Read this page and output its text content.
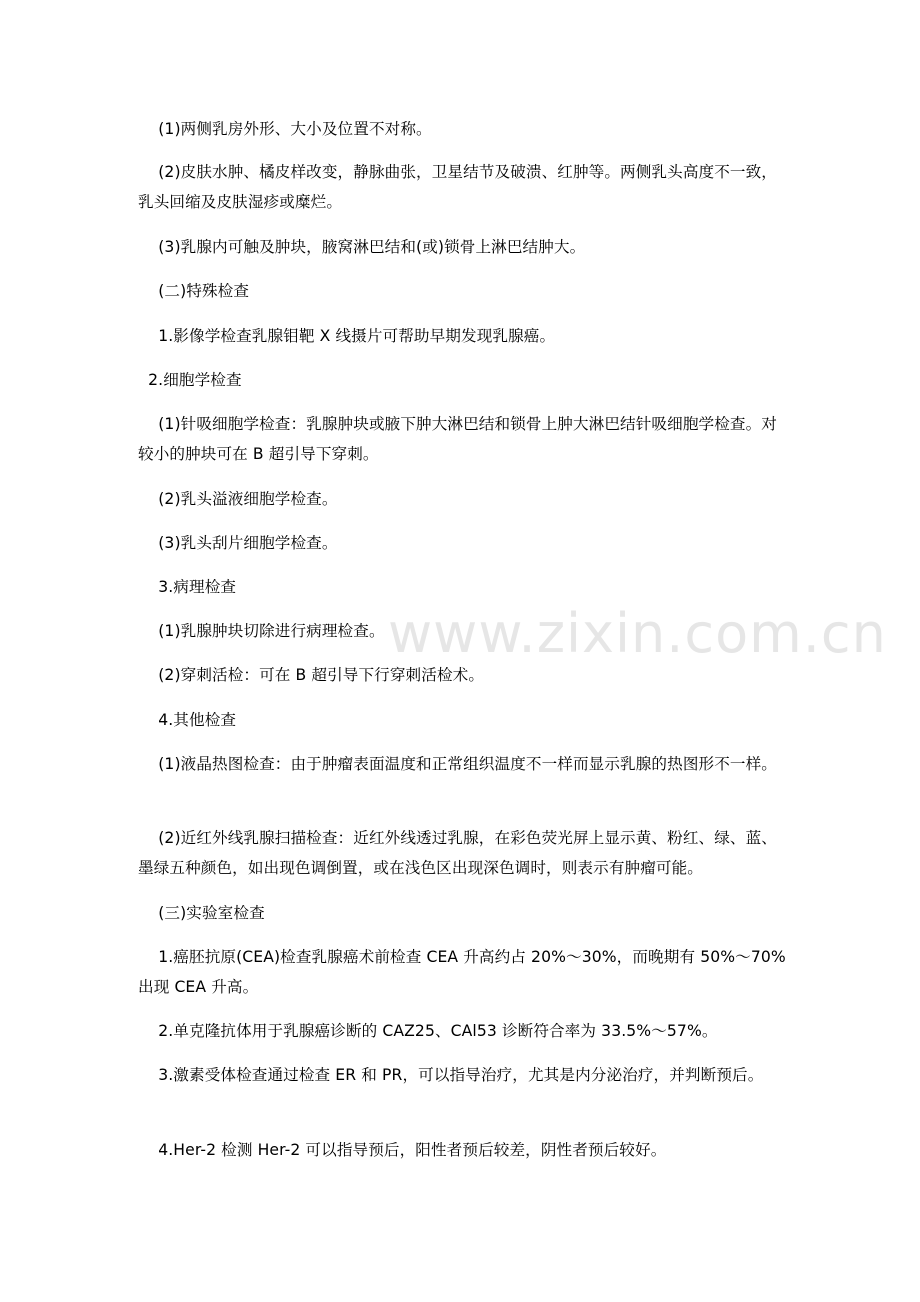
www.zixin.com.cn

(1)两侧乳房外形、大小及位置不对称。

(2)皮肤水肿、橘皮样改变，静脉曲张，卫星结节及破溃、红肿等。两侧乳头高度不一致，乳头回缩及皮肤湿疹或糜烂。

(3)乳腺内可触及肿块，腋窝淋巴结和(或)锁骨上淋巴结肿大。

(二)特殊检查

1.影像学检查乳腺钼靶 X 线摄片可帮助早期发现乳腺癌。

2.细胞学检查

(1)针吸细胞学检查：乳腺肿块或腋下肿大淋巴结和锁骨上肿大淋巴结针吸细胞学检查。对较小的肿块可在 B 超引导下穿刺。

(2)乳头溢液细胞学检查。

(3)乳头刮片细胞学检查。

3.病理检查

(1)乳腺肿块切除进行病理检查。

(2)穿刺活检：可在 B 超引导下行穿刺活检术。

4.其他检查

(1)液晶热图检查：由于肿瘤表面温度和正常组织温度不一样而显示乳腺的热图形不一样。

(2)近红外线乳腺扫描检查：近红外线透过乳腺，在彩色荧光屏上显示黄、粉红、绿、蓝、墨绿五种颜色，如出现色调倒置，或在浅色区出现深色调时，则表示有肿瘤可能。

(三)实验室检查

1.癌胚抗原(CEA)检查乳腺癌术前检查 CEA 升高约占 20%～30%，而晚期有 50%～70%出现 CEA 升高。

2.单克隆抗体用于乳腺癌诊断的 CAZ25、CAl53 诊断符合率为 33.5%～57%。

3.激素受体检查通过检查 ER 和 PR，可以指导治疗，尤其是内分泌治疗，并判断预后。

4.Her-2 检测 Her-2 可以指导预后，阳性者预后较差，阴性者预后较好。
